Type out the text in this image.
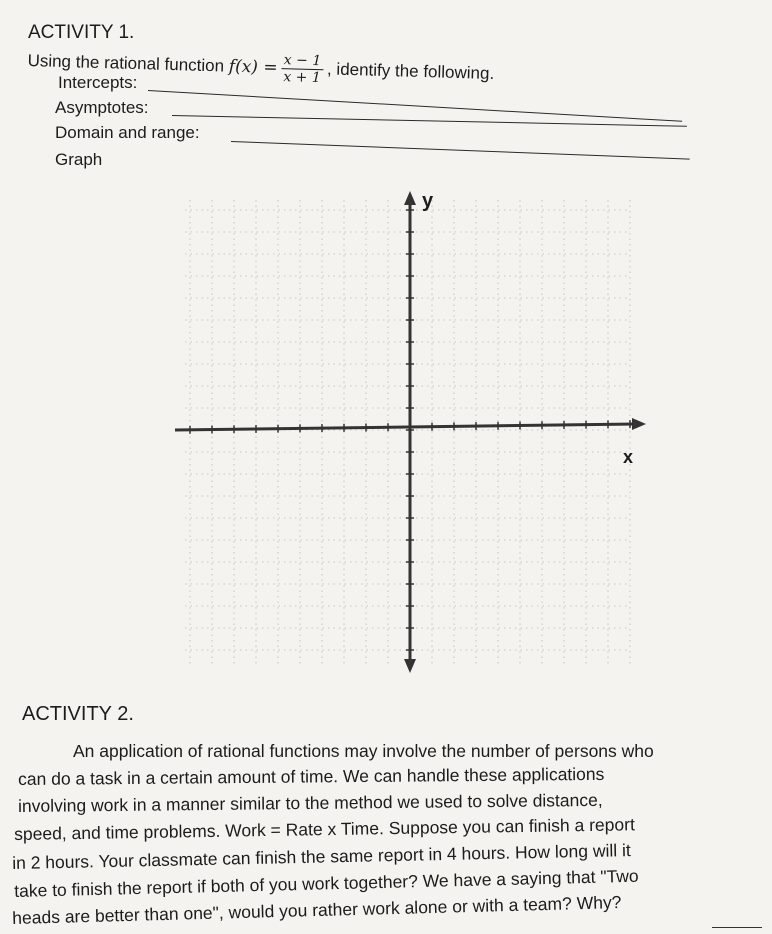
ACTIVITY 1.
Using the rational function $f(x) = \frac{x - 1}{x + 1}$ , identify the following.
Intercepts:
Asymptotes:
Domain and range:
Graph
y
x
ACTIVITY 2.
An application of rational functions may involve the number of persons who
can do a task in a certain amount of time. We can handle these applications
involving work in a manner similar to the method we used to solve distance,
speed, and time problems. Work = Rate x Time. Suppose you can finish a report
in 2 hours. Your classmate can finish the same report in 4 hours. How long will it
take to finish the report if both of you work together? We have a saying that "Two
heads are better than one", would you rather work alone or with a team? Why?
